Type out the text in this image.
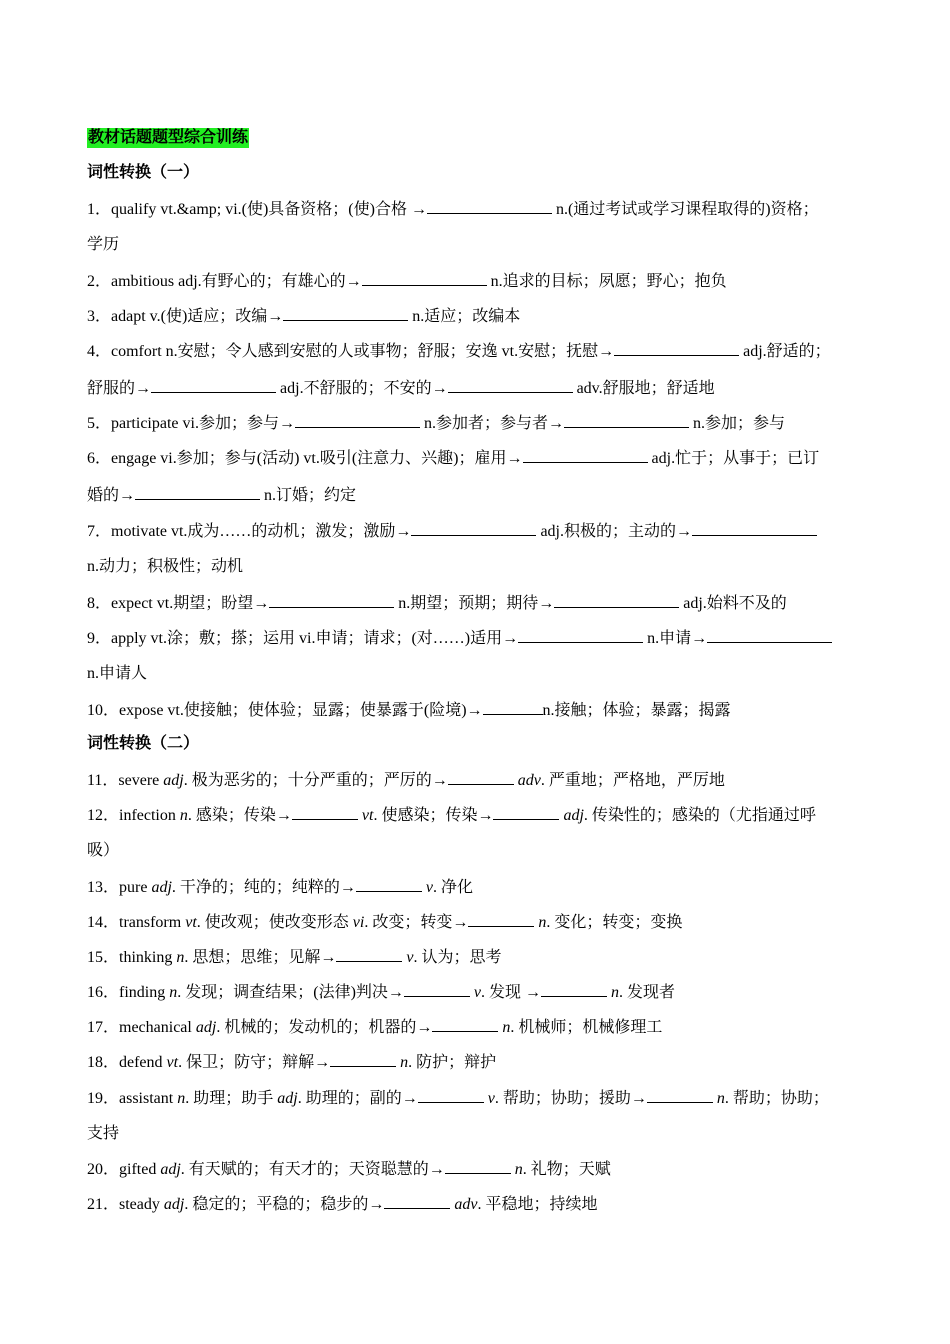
教材话题题型综合训练
词性转换（一）
1．qualify vt.&amp; vi.(使)具备资格；(使)合格 →	n.(通过考试或学习课程取得的)资格；
学历
2．ambitious adj.有野心的；有雄心的→	n.追求的目标；夙愿；野心；抱负
3．adapt v.(使)适应；改编→	n.适应；改编本
4．comfort n.安慰；令人感到安慰的人或事物；舒服；安逸 vt.安慰；抚慰→	adj.舒适的；
舒服的→	adj.不舒服的；不安的→	adv.舒服地；舒适地
5．participate vi.参加；参与→	n.参加者；参与者→	n.参加；参与
6．engage vi.参加；参与(活动) vt.吸引(注意力、兴趣)；雇用→	adj.忙于；从事于；已订
婚的→	n.订婚；约定
7．motivate vt.成为……的动机；激发；激励→	adj.积极的；主动的→
n.动力；积极性；动机
8．expect vt.期望；盼望→	n.期望；预期；期待→	adj.始料不及的
9．apply vt.涂；敷；搽；运用 vi.申请；请求；(对……)适用→	n.申请→
n.申请人
10．expose vt.使接触；使体验；显露；使暴露于(险境)→	n.接触；体验；暴露；揭露
词性转换（二）
11．severe adj. 极为恶劣的；十分严重的；严厉的→	adv. 严重地；严格地，严厉地
12．infection n. 感染；传染→	vt. 使感染；传染→	adj. 传染性的；感染的（尤指通过呼
吸）
13．pure adj. 干净的；纯的；纯粹的→	v. 净化
14．transform vt. 使改观；使改变形态 vi. 改变；转变→	n. 变化；转变；变换
15．thinking n. 思想；思维；见解→	v. 认为；思考
16．finding n. 发现；调查结果；(法律)判决→	v. 发现 →	n. 发现者
17．mechanical adj. 机械的；发动机的；机器的→	n. 机械师；机械修理工
18．defend vt. 保卫；防守；辩解→	n. 防护；辩护
19．assistant n. 助理；助手 adj. 助理的；副的→	v. 帮助；协助；援助→	n. 帮助；协助；
支持
20．gifted adj. 有天赋的；有天才的；天资聪慧的→	n. 礼物；天赋
21．steady adj. 稳定的；平稳的；稳步的→	adv. 平稳地；持续地
